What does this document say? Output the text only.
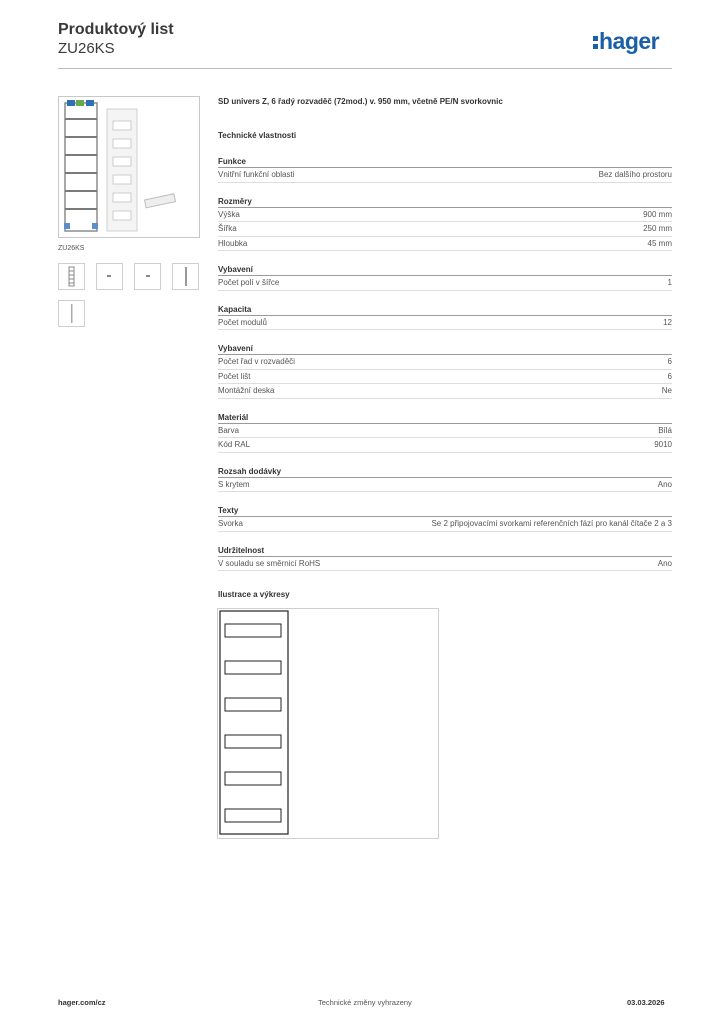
Produktový list
ZU26KS	hager
ZU26KS
SD univers Z, 6 řadý rozvaděč (72mod.) v. 950 mm, včetně PE/N svorkovnic
Technické vlastnosti
Funkce
Vnitřní funkční oblasti	Bez dalšího prostoru
Rozměry
Výška	900 mm
Šířka	250 mm
Hloubka	45 mm
Vybavení
Počet polí v šířce	1
Kapacita
Počet modulů	12
Vybavení
Počet řad v rozvaděči	6
Počet lišt	6
Montážní deska	Ne
Materiál
Barva	Bílá
Kód RAL	9010
Rozsah dodávky
S krytem	Ano
Texty
Svorka	Se 2 připojovacími svorkami referenčních fází pro kanál čítače 2 a 3
Udržitelnost
V souladu se směrnicí RoHS	Ano
Ilustrace a výkresy
hager.com/cz	Technické změny vyhrazeny	03.03.2026
